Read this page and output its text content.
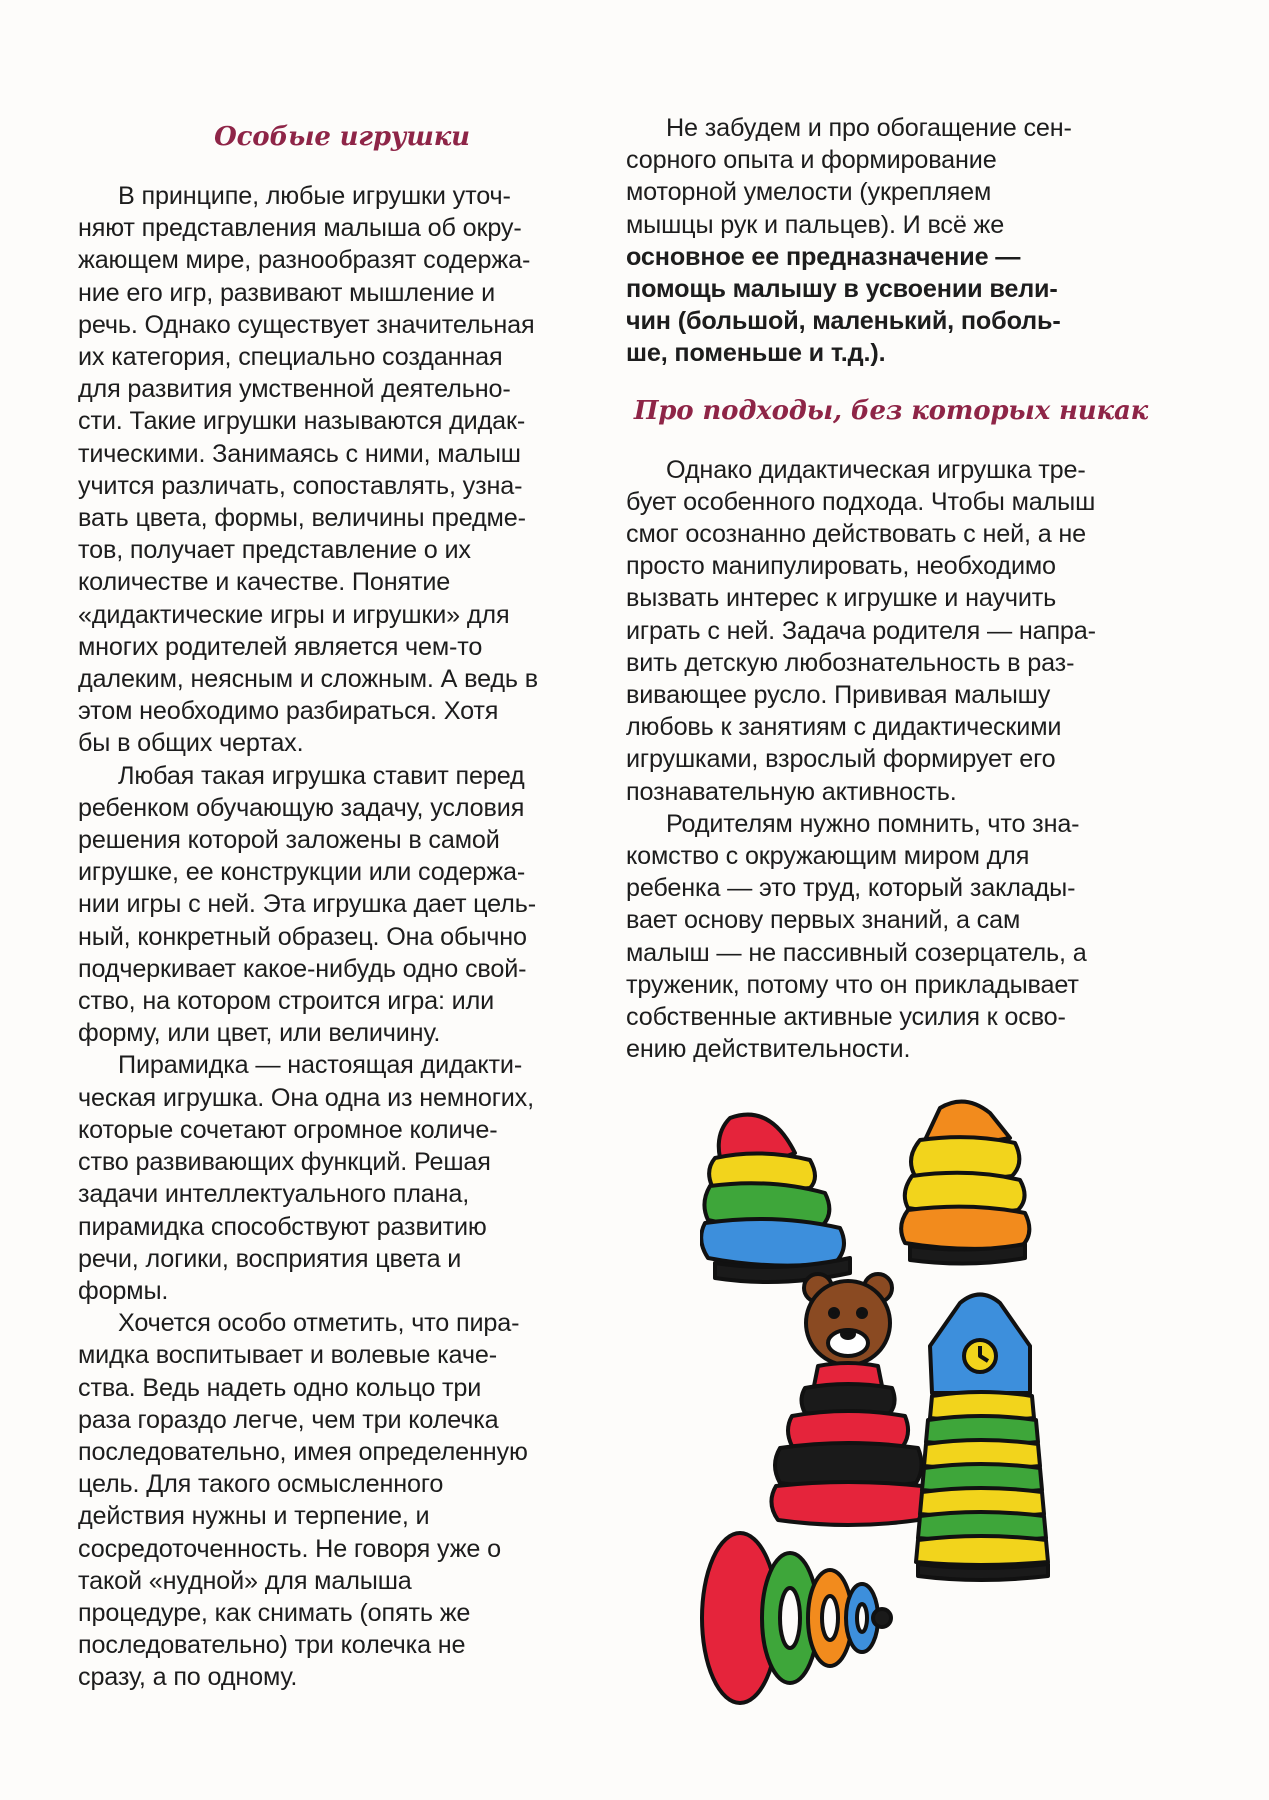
Особые игрушки
В принципе, любые игрушки уточ-
няют представления малыша об окру-
жающем мире, разнообразят содержа-
ние его игр, развивают мышление и
речь. Однако существует значительная
их категория, специально созданная
для развития умственной деятельно-
сти. Такие игрушки называются дидак-
тическими. Занимаясь с ними, малыш
учится различать, сопоставлять, узна-
вать цвета, формы, величины предме-
тов, получает представление о их
количестве и качестве. Понятие
«дидактические игры и игрушки» для
многих родителей является чем-то
далеким, неясным и сложным. А ведь в
этом необходимо разбираться. Хотя
бы в общих чертах.
Любая такая игрушка ставит перед
ребенком обучающую задачу, условия
решения которой заложены в самой
игрушке, ее конструкции или содержа-
нии игры с ней. Эта игрушка дает цель-
ный, конкретный образец. Она обычно
подчеркивает какое-нибудь одно свой-
ство, на котором строится игра: или
форму, или цвет, или величину.
Пирамидка — настоящая дидакти-
ческая игрушка. Она одна из немногих,
которые сочетают огромное количе-
ство развивающих функций. Решая
задачи интеллектуального плана,
пирамидка способствуют развитию
речи, логики, восприятия цвета и
формы.
Хочется особо отметить, что пира-
мидка воспитывает и волевые каче-
ства. Ведь надеть одно кольцо три
раза гораздо легче, чем три колечка
последовательно, имея определенную
цель. Для такого осмысленного
действия нужны и терпение, и
сосредоточенность. Не говоря уже о
такой «нудной» для малыша
процедуре, как снимать (опять же
последовательно) три колечка не
сразу, а по одному.
Не забудем и про обогащение сен-
сорного опыта и формирование
моторной умелости (укрепляем
мышцы рук и пальцев). И всё же
основное ее предназначение —
помощь малышу в усвоении вели-
чин (большой, маленький, поболь-
ше, поменьше и т.д.).
Про подходы, без которых никак
Однако дидактическая игрушка тре-
бует особенного подхода. Чтобы малыш
смог осознанно действовать с ней, а не
просто манипулировать, необходимо
вызвать интерес к игрушке и научить
играть с ней. Задача родителя — напра-
вить детскую любознательность в раз-
вивающее русло. Прививая малышу
любовь к занятиям с дидактическими
игрушками, взрослый формирует его
познавательную активность.
Родителям нужно помнить, что зна-
комство с окружающим миром для
ребенка — это труд, который заклады-
вает основу первых знаний, а сам
малыш — не пассивный созерцатель, а
труженик, потому что он прикладывает
собственные активные усилия к осво-
ению действительности.
